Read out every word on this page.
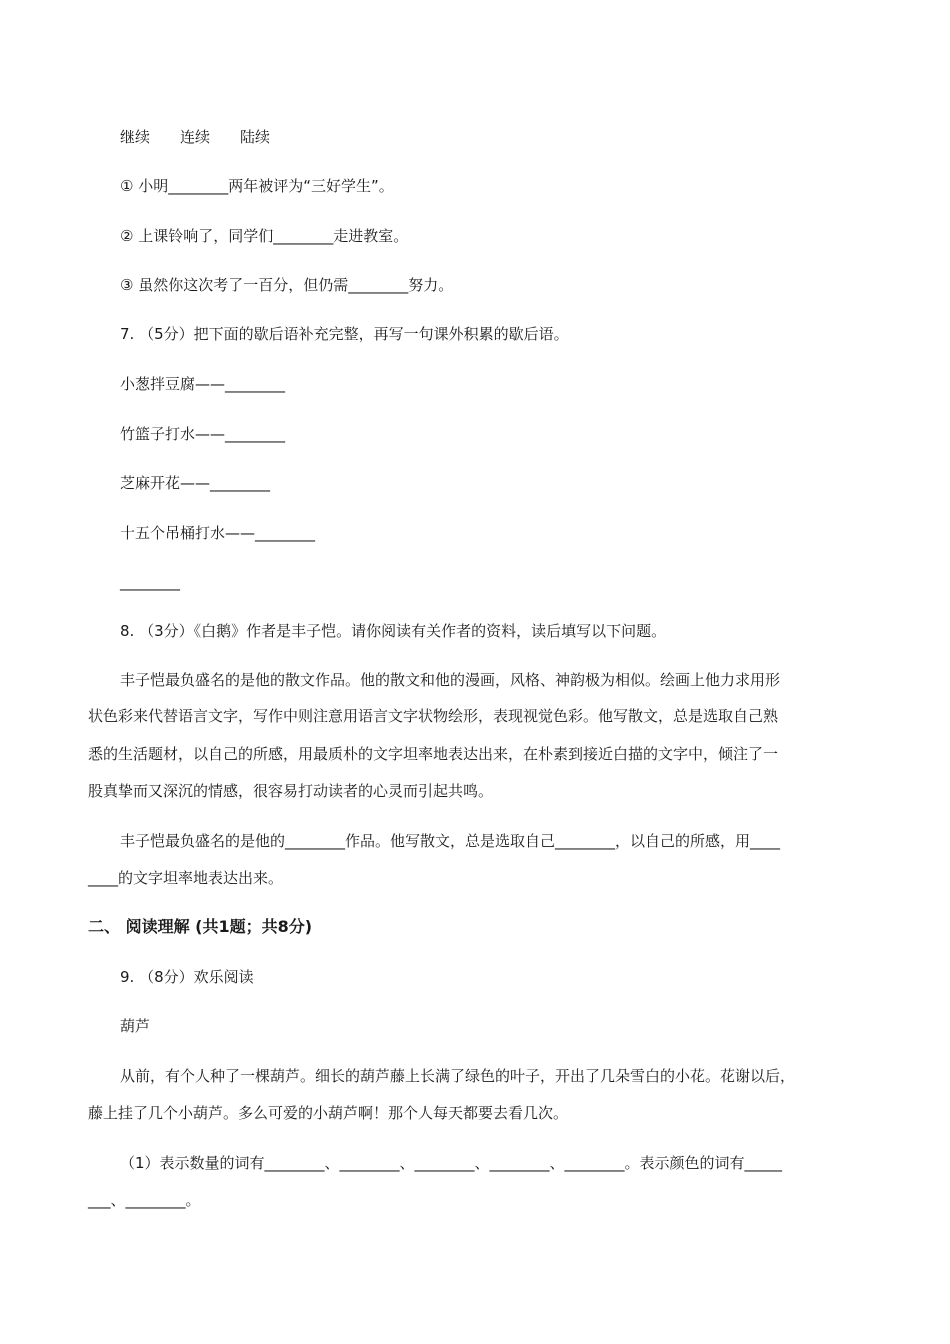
继续　　连续　　陆续
① 小明________两年被评为“三好学生”。
② 上课铃响了，同学们________走进教室。
③ 虽然你这次考了一百分，但仍需________努力。
7. （5分）把下面的歇后语补充完整，再写一句课外积累的歇后语。
小葱拌豆腐——________
竹篮子打水——________
芝麻开花——________
十五个吊桶打水——________
________
8. （3分）《白鹅》作者是丰子恺。请你阅读有关作者的资料，读后填写以下问题。
丰子恺最负盛名的是他的散文作品。他的散文和他的漫画，风格、神韵极为相似。绘画上他力求用形
状色彩来代替语言文字，写作中则注意用语言文字状物绘形，表现视觉色彩。他写散文，总是选取自己熟
悉的生活题材，以自己的所感，用最质朴的文字坦率地表达出来，在朴素到接近白描的文字中，倾注了一
股真挚而又深沉的情感，很容易打动读者的心灵而引起共鸣。
丰子恺最负盛名的是他的________作品。他写散文，总是选取自己________，以自己的所感，用____
____的文字坦率地表达出来。
二、 阅读理解 (共1题；共8分)
9. （8分）欢乐阅读
葫芦
从前，有个人种了一棵葫芦。细长的葫芦藤上长满了绿色的叶子，开出了几朵雪白的小花。花谢以后，
藤上挂了几个小葫芦。多么可爱的小葫芦啊！那个人每天都要去看几次。
（1）表示数量的词有________、________、________、________、________。表示颜色的词有_____
___、________。
